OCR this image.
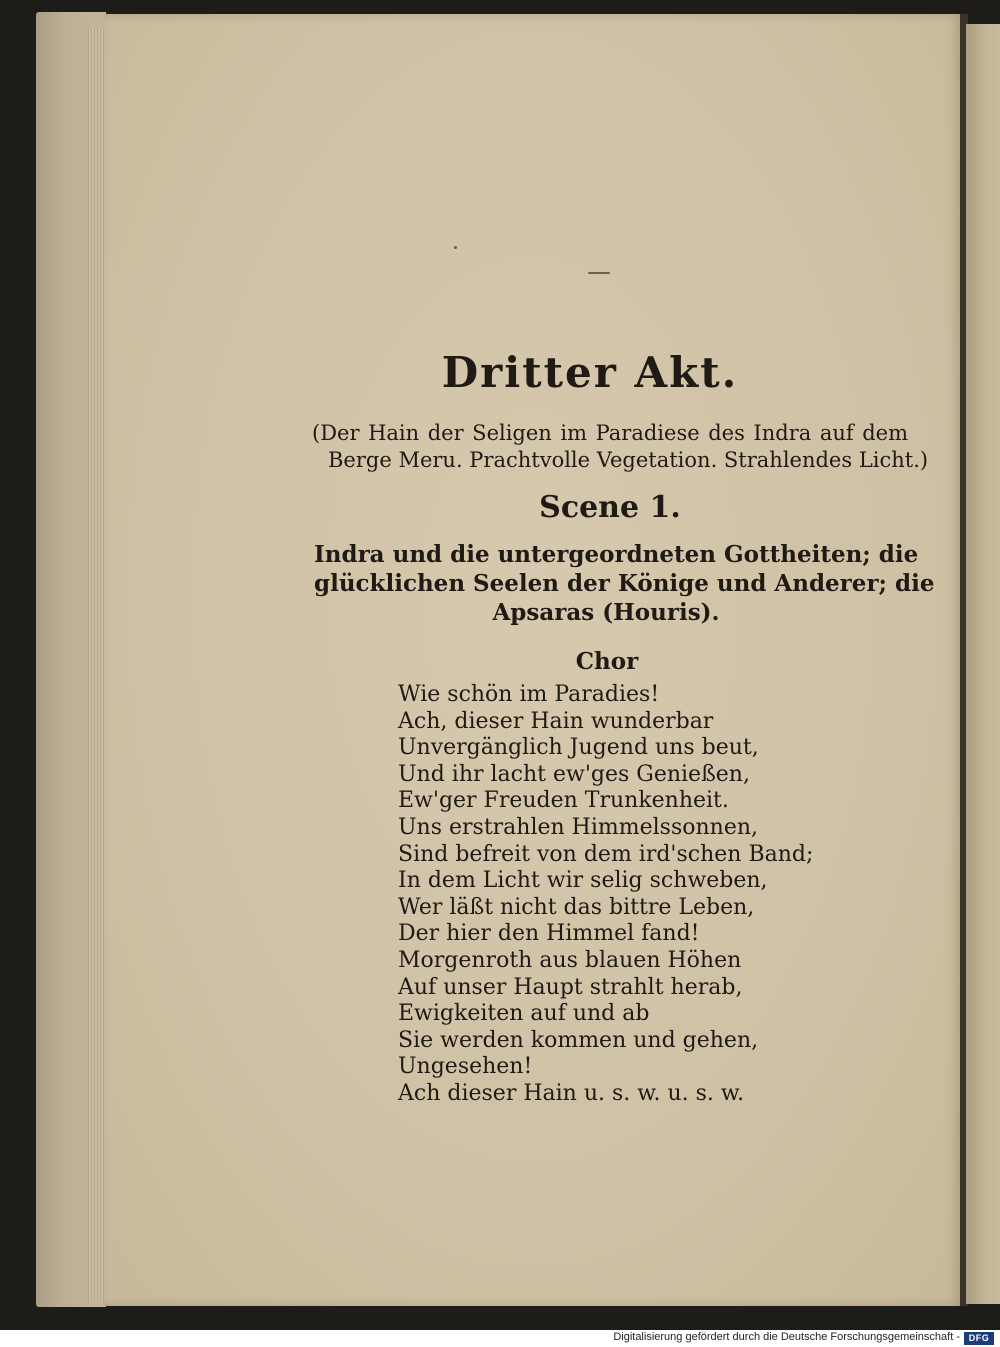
Dritter Akt.
(Der Hain der Seligen im Paradiese des Indra auf dem
Berge Meru. Prachtvolle Vegetation. Strahlendes Licht.)
Scene 1.
Indra und die untergeordneten Gottheiten; die
glücklichen Seelen der Könige und Anderer; die
Apsaras (Houris).
Chor
Wie schön im Paradies!
Ach, dieser Hain wunderbar
Unvergänglich Jugend uns beut,
Und ihr lacht ew'ges Genießen,
Ew'ger Freuden Trunkenheit.
Uns erstrahlen Himmelssonnen,
Sind befreit von dem ird'schen Band;
In dem Licht wir selig schweben,
Wer läßt nicht das bittre Leben,
Der hier den Himmel fand!
Morgenroth aus blauen Höhen
Auf unser Haupt strahlt herab,
Ewigkeiten auf und ab
Sie werden kommen und gehen,
Ungesehen!
Ach dieser Hain u. s. w. u. s. w.
Digitalisierung gefördert durch die Deutsche Forschungsgemeinschaft - DFG
